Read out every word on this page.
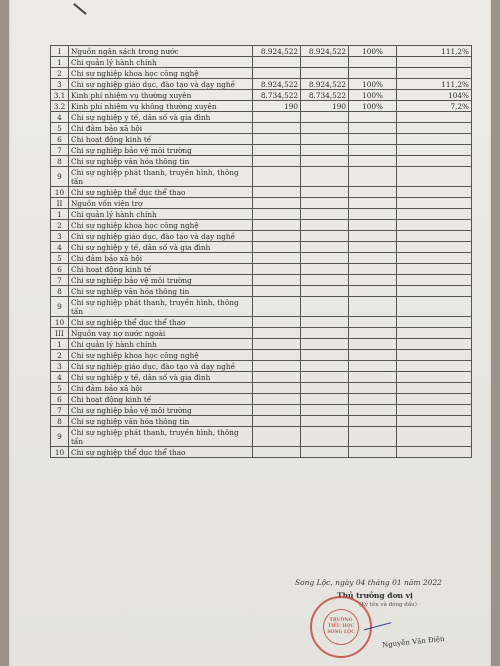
I	Nguồn ngân sách trong nước	8.924,522	8.924,522	100%	111,2%
1	Chi quản lý hành chính				
2	Chi sự nghiệp khoa học công nghệ				
3	Chi sự nghiệp giáo dục, đào tạo và dạy nghề	8.924,522	8.924,522	100%	111,2%
3.1	Kinh phí nhiệm vụ thường xuyên	8.734,522	8.734,522	100%	104%
3.2	Kinh phí nhiệm vụ không thường xuyên	190	190	100%	7,2%
4	Chi sự nghiệp y tế, dân số và gia đình				
5	Chi đảm bảo xã hội				
6	Chi hoạt động kinh tế				
7	Chi sự nghiệp bảo vệ môi trường				
8	Chi sự nghiệp văn hóa thông tin				
9	Chi sự nghiệp phát thanh, truyền hình, thông tấn				
10	Chi sự nghiệp thể dục thể thao				
II	Nguồn vốn viện trợ				
1	Chi quản lý hành chính				
2	Chi sự nghiệp khoa học công nghệ				
3	Chi sự nghiệp giáo dục, đào tạo và dạy nghề				
4	Chi sự nghiệp y tế, dân số và gia đình				
5	Chi đảm bảo xã hội				
6	Chi hoạt động kinh tế				
7	Chi sự nghiệp bảo vệ môi trường				
8	Chi sự nghiệp văn hóa thông tin				
9	Chi sự nghiệp phát thanh, truyền hình, thông tấn				
10	Chi sự nghiệp thể dục thể thao				
III	Nguồn vay nợ nước ngoài				
1	Chi quản lý hành chính				
2	Chi sự nghiệp khoa học công nghệ				
3	Chi sự nghiệp giáo dục, đào tạo và dạy nghề				
4	Chi sự nghiệp y tế, dân số và gia đình				
5	Chi đảm bảo xã hội				
6	Chi hoạt động kinh tế				
7	Chi sự nghiệp bảo vệ môi trường				
8	Chi sự nghiệp văn hóa thông tin				
9	Chi sự nghiệp phát thanh, truyền hình, thông tấn				
10	Chi sự nghiệp thể dục thể thao				
Song Lộc, ngày 04 tháng 01 năm 2022
Thủ trưởng đơn vị
(Ký tên và đóng dấu)
TRƯỜNG
TIỂU HỌC
SONG LỘC
Nguyễn Văn Điện
